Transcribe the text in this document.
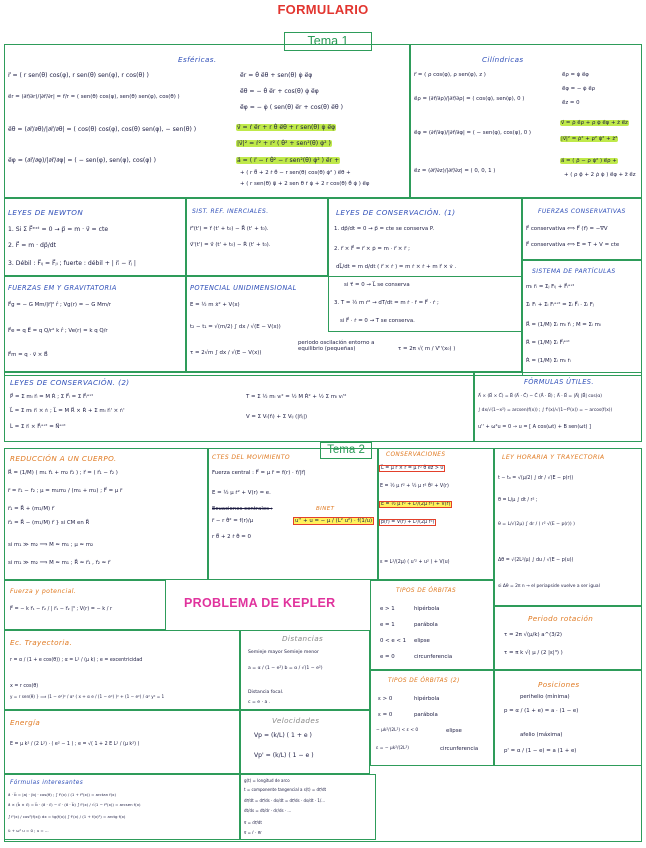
FORMULARIO
Tema 1
Esféricas.
r⃗ = ( r sen(θ) cos(φ), r sen(θ) sen(φ), r cos(θ) )
e⃗r = (∂r⃗/∂r)/|∂r⃗/∂r| = r⃗/r = ( sen(θ) cos(φ), sen(θ) sen(φ), cos(θ) )
e⃗θ = (∂r⃗/∂θ)/|∂r⃗/∂θ| = ( cos(θ) cos(φ), cos(θ) sen(φ), − sen(θ) )
e⃗φ = (∂r⃗/∂φ)/|∂r⃗/∂φ| = ( − sen(φ), sen(φ), cos(φ) )
e⃗̇r = θ̇ e⃗θ + sen(θ) φ̇ e⃗φ
e⃗̇θ = − θ̇ e⃗r + cos(θ) φ̇ e⃗φ
e⃗̇φ = − φ̇ ( sen(θ) e⃗r + cos(θ) e⃗θ )
v⃗ = ṙ e⃗r + r θ̇ e⃗θ + r sen(θ) φ̇ e⃗φ
|v⃗|² = ṙ² + r² ( θ̇² + sen²(θ) φ̇² )
a⃗ = ( r̈ − r θ̇² − r sen²(θ) φ̇² ) e⃗r +
+ ( r θ̈ + 2 ṙ θ̇ − r sen(θ) cos(θ) φ̇² ) e⃗θ +
+ ( r sen(θ) φ̈ + 2 sen θ ṙ φ̇ + 2 r cos(θ) θ̇ φ̇ ) e⃗φ
Cilíndricas
r⃗ = ( ρ cos(φ), ρ sen(φ), z )
e⃗ρ = (∂r⃗/∂ρ)/|∂r⃗/∂ρ| = ( cos(φ), sen(φ), 0 )
e⃗φ = (∂r⃗/∂φ)/|∂r⃗/∂φ| = ( − sen(φ), cos(φ), 0 )
e⃗z = (∂r⃗/∂z)/|∂r⃗/∂z| = ( 0, 0, 1 )
e⃗̇ρ = φ̇ e⃗φ
e⃗̇φ = − φ̇ e⃗ρ
e⃗̇z = 0
v⃗ = ρ̇ e⃗ρ + ρ φ̇ e⃗φ + ż e⃗z
|v⃗|² = ρ̇² + ρ² φ̇² + ż²
a⃗ = ( ρ̈ − ρ φ̇² ) e⃗ρ +
+ ( ρ φ̈ + 2 ρ̇ φ̇ ) e⃗φ + z̈ e⃗z
LEYES DE NEWTON
1. Si Σ F⃗ᵉˣᵗ = 0 → p⃗ = m · v⃗ = cte
2. F⃗ = m · dp⃗/dt
3. Débil : F⃗ᵢⱼ = F⃗ⱼᵢ ; fuerte : débil + | r⃗ᵢ − r⃗ⱼ |
SIST. REF. INERCIALES.
r⃗'(t') = r⃗ (t' + t₀) − R⃗ (t' + t₀).
v⃗'(t') = v⃗ (t' + t₀) − Ṙ (t' + t₀).
LEYES DE CONSERVACIÓN. (1)
1. dp⃗/dt = 0 → p⃗ = cte se conserva P.
2. r⃗ × F⃗ = r⃗ × ṗ = m · r⃗ × r̈ ;
dL⃗/dt = m d/dt ( r⃗ × ṙ ) = m ṙ × ṙ + m r⃗ × v̇ .
si τ⃗ = 0 → L⃗ se conserva
3. T = ½ m ṙ² → dT/dt = m ṙ · r̈ = F⃗ · ṙ ;
si F⃗ · ṙ = 0 → T se conserva.
FUERZAS CONSERVATIVAS
F⃗ conservativa ⟺ F⃗ (r⃗) = −∇V
F⃗ conservativa ⟺ E = T + V = cte
SISTEMA DE PARTÍCULAS
mᵢ r̈ᵢ = Σⱼ Fᵢⱼ + F⃗ᵢᵉˣᵗ
Σᵢ Fᵢ + Σᵢ Fᵢᵉˣᵗ = Σᵢ F⃗ᵢ · Σᵢ Fⱼ
R⃗ = (1/M) Σᵢ mᵢ r⃗ᵢ ; M = Σᵢ mᵢ
R̈ = (1/M) Σᵢ F⃗ᵢᵉˣᵗ
Ṙ = (1/M) Σᵢ mᵢ ṙᵢ
FUERZAS EM Y GRAVITATORIA
F⃗g = − G Mm/|r⃗|² r̂ ; Vg(r) = − G Mm/r
F⃗e = q E⃗ = q Q/r² k r̂ ; Ve(r) = k q Q/r
F⃗m = q · v⃗ × B⃗
POTENCIAL UNIDIMENSIONAL
E = ½ m ẋ² + V(x)
t₂ − t₁ = √(m/2) ∫ dx / √(E − V(x))
τ = 2√m ∫ dx / √(E − V(x))
periodo oscilación entorno a equilibrio (pequeñas)	τ = 2π √( m / V''(x₀) )
LEYES DE CONSERVACIÓN. (2)
P⃗ = Σ mᵢ r⃗ᵢ = M Ṙ ; Σ F⃗ᵢ = Σ F⃗ᵢᵉˣᵗ
L⃗ = Σ mᵢ r⃗ᵢ × ṙᵢ ; L⃗ = M R⃗ × Ṙ + Σ mᵢ r⃗ᵢ' × ṙᵢ'
L̇ = Σ r⃗ᵢ × F⃗ᵢᵉˣᵗ = N⃗ᵉˣᵗ
T = Σ ½ mᵢ vᵢ² = ½ M Ṙ² + ½ Σ mᵢ vᵢ'²
V = Σ Vᵢ(r⃗ᵢ) + Σ Vᵢⱼ (|r⃗ᵢⱼ|)
FÓRMULAS ÚTILES.
A⃗ × (B⃗ × C⃗) = B⃗ (A⃗ · C⃗) − C⃗ (A⃗ · B⃗) ; A⃗ · B⃗ = |A⃗| |B⃗| cos(α)
∫ dx/√(1−x²) = arcsen(f(x)) ; ∫ f'(x)/√(1−f²(x)) = − arcos(f(x))
u'' + ω²u = 0 → u = [ A cos(ωt) + B sen(ωt) ]
Tema 2
REDUCCIÓN A UN CUERPO.
R⃗ = (1/M) ( m₁ r⃗₁ + m₂ r⃗₂ ) ; r⃗ = ( r⃗₁ − r⃗₂ )
r̈ = r̈₁ − r̈₂ ; μ = m₁m₂ / (m₁ + m₂) ; F⃗ = μ r̈
r⃗₁ = R⃗ + (m₂/M) r⃗
r⃗₂ = R⃗ − (m₁/M) r⃗ } si CM en R⃗
si m₁ ≫ m₂ ⟹ M ≃ m₁ ; μ ≃ m₂
si m₁ ≫ m₂ ⟹ M ≃ m₁ ; R⃗ ≃ r⃗₁ , r⃗₂ ≃ r⃗
CTES DEL MOVIMIENTO
Fuerza central : F⃗ = μ r̈ = f(r) · r⃗/|r⃗|
E = ½ μ ṙ² + V(r) = e.
Ecuaciones centrales :
r̈ − r θ̇² = f(r)/μ
r θ̈ + 2 ṙ θ̇ = 0
BINET
u'' + u = − μ / (L² u²) · f(1/u)
CONSERVACIONES
L⃗ = μ r⃗ × ṙ = μ r² θ̇ e⃗z > 0
E = ½ μ ṙ² + ½ μ r² θ̇² + V(r)
E = ½ μ ṙ² + L²/(2μ r²) + V(r)
p(r) = V(r) + L²/(2μ r²)
ε = L²/(2μ) ( u'² + u² ) + V(u)
LEY HORARIA Y TRAYECTORIA
t − t₀ = √(μ/2) ∫ dr / √(E − p(r))
θ = L/μ ∫ dt / r² ;
θ = L/√(2μ) ∫ dr / ( r² √(E − p(r)) )
Δθ = √(2L²/μ) ∫ du / √(E − p(u))
si Δθ = 2π n → el periapside vuelve a ser igual
Fuerza y potencial.
F⃗ = − k r⃗₁ − r⃗₂ / | r⃗₁ − r⃗₂ |³ ; V(r) = − k / r	PROBLEMA DE KEPLER
TIPOS DE ÓRBITAS
e > 1	hipérbola
e = 1	parábola
0 < e < 1 elipse
e = 0	circunferencia
Periodo rotación
τ = 2π √(μ/k) a^(3/2)
τ = π k √( μ / (2 |ε|³) )
Ec. Trayectoria.
r = α / (1 + e cos(θ)) ; α = L² / (μ k) ; e = excentricidad
x = r cos(θ)
y = r sen(θ) } ⟹ (1 − e²)² / α² ( x + α e / (1 − e²) )² + (1 − e²) / α² y² = 1
Distancias
Semieje mayor Semieje menor
a = α / (1 − e²) b = α / √(1 − e²)
Distancia focal.
c = e · a .
TIPOS DE ÓRBITAS (2)
ε > 0	hipérbola
ε = 0	parábola
− μk²/(2L²) < ε < 0	elipse
ε = − μk²/(2L²)	circunferencia
Posiciones
perihelio (mínima)
p = α / (1 + e) = a · (1 − e)
afelio (máxima)
p' = α / (1 − e) = a (1 + e)
Energía
E = μ k² / (2 L²) · ( e² − 1 ) ; e = √( 1 + 2 E L² / (μ k²) )
Velocidades
Vp = (k/L) ( 1 + e )
Vp' = (k/L) ( 1 − e )
Fórmulas interesantes
a⃗ · b⃗ = |a| · |b| · cos(θ) ; ∫ f'(x) / (1 + f²(x)) = arctan f(x)
a⃗ × (b⃗ × c⃗) = b⃗ · (a⃗ · c⃗) − c⃗ · (a⃗ · b⃗) ∫ f'(x) / √(1 − f²(x)) = arcsen f(x)
∫ f'(x) / cos²(f(x)) dx = tg(f(x)) ∫ f'(x) / (1 + f(x)²) = arctg f(x)
ü + ω² u = 0 ; u = ...
g(t) = longitud de arco
t = componente tangencial a s(t) = dr⃗/dt
dr⃗/dt = dr⃗/ds · ds/dt = dr⃗/ds · ds/dt · 1/...
dt/ds = dt/dr · dr/ds · ...
v⃗ = dr⃗/dt
v⃗ = ṙ · e⃗r
